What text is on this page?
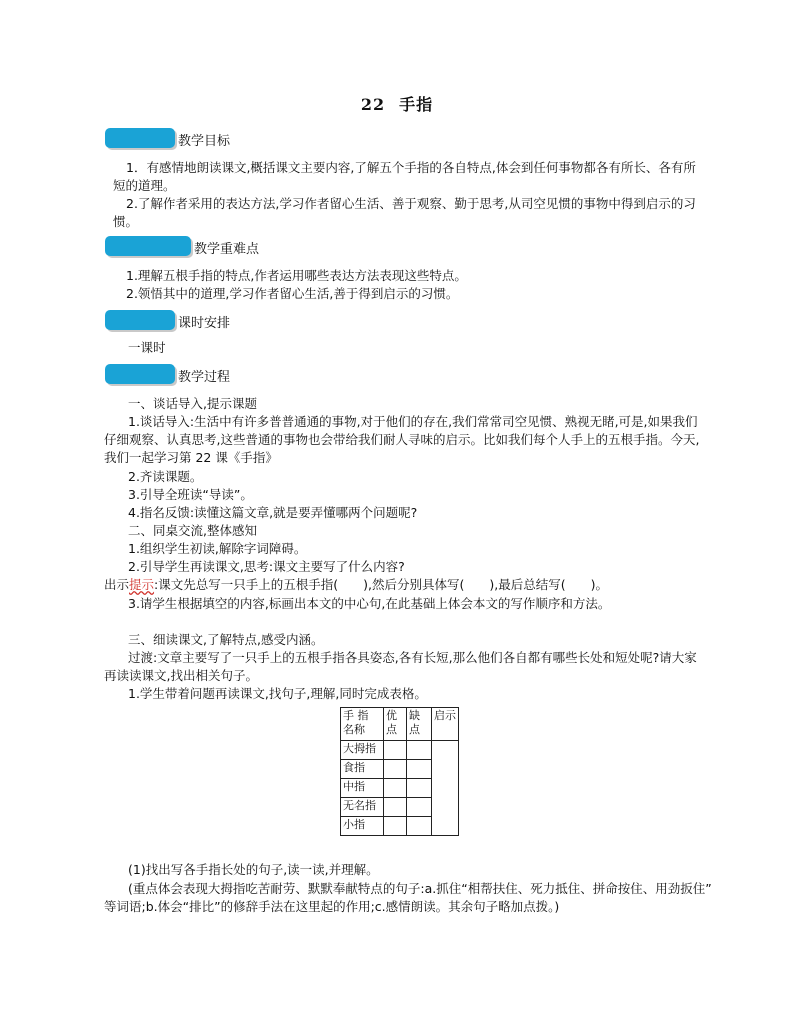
22 手指
教学目标

1．有感情地朗读课文,概括课文主要内容,了解五个手指的各自特点,体会到任何事物都各有所长、各有所

短的道理。

2.了解作者采用的表达方法,学习作者留心生活、善于观察、勤于思考,从司空见惯的事物中得到启示的习

惯。

教学重难点

1.理解五根手指的特点,作者运用哪些表达方法表现这些特点。

2.领悟其中的道理,学习作者留心生活,善于得到启示的习惯。

课时安排

一课时

教学过程

一、谈话导入,提示课题

1.谈话导入:生活中有许多普普通通的事物,对于他们的存在,我们常常司空见惯、熟视无睹,可是,如果我们

仔细观察、认真思考,这些普通的事物也会带给我们耐人寻味的启示。比如我们每个人手上的五根手指。今天,

我们一起学习第 22 课《手指》

2.齐读课题。

3.引导全班读“导读”。

4.指名反馈:读懂这篇文章,就是要弄懂哪两个问题呢?

二、同桌交流,整体感知

1.组织学生初读,解除字词障碍。

2.引导学生再读课文,思考:课文主要写了什么内容?

出示提示:课文先总写一只手上的五根手指(　　),然后分别具体写(　　),最后总结写(　　)。

3.请学生根据填空的内容,标画出本文的中心句,在此基础上体会本文的写作顺序和方法。

三、细读课文,了解特点,感受内涵。

过渡:文章主要写了一只手上的五根手指各具姿态,各有长短,那么他们各自都有哪些长处和短处呢?请大家

再读读课文,找出相关句子。

1.学生带着问题再读课文,找句子,理解,同时完成表格。

手 指 名称	优点	缺点	启示
大拇指			
食指			
中指			
无名指			
小指			

(1)找出写各手指长处的句子,读一读,并理解。

(重点体会表现大拇指吃苦耐劳、默默奉献特点的句子:a.抓住“相帮扶住、死力抵住、拼命按住、用劲扳住”

等词语;b.体会“排比”的修辞手法在这里起的作用;c.感情朗读。其余句子略加点拨。)
